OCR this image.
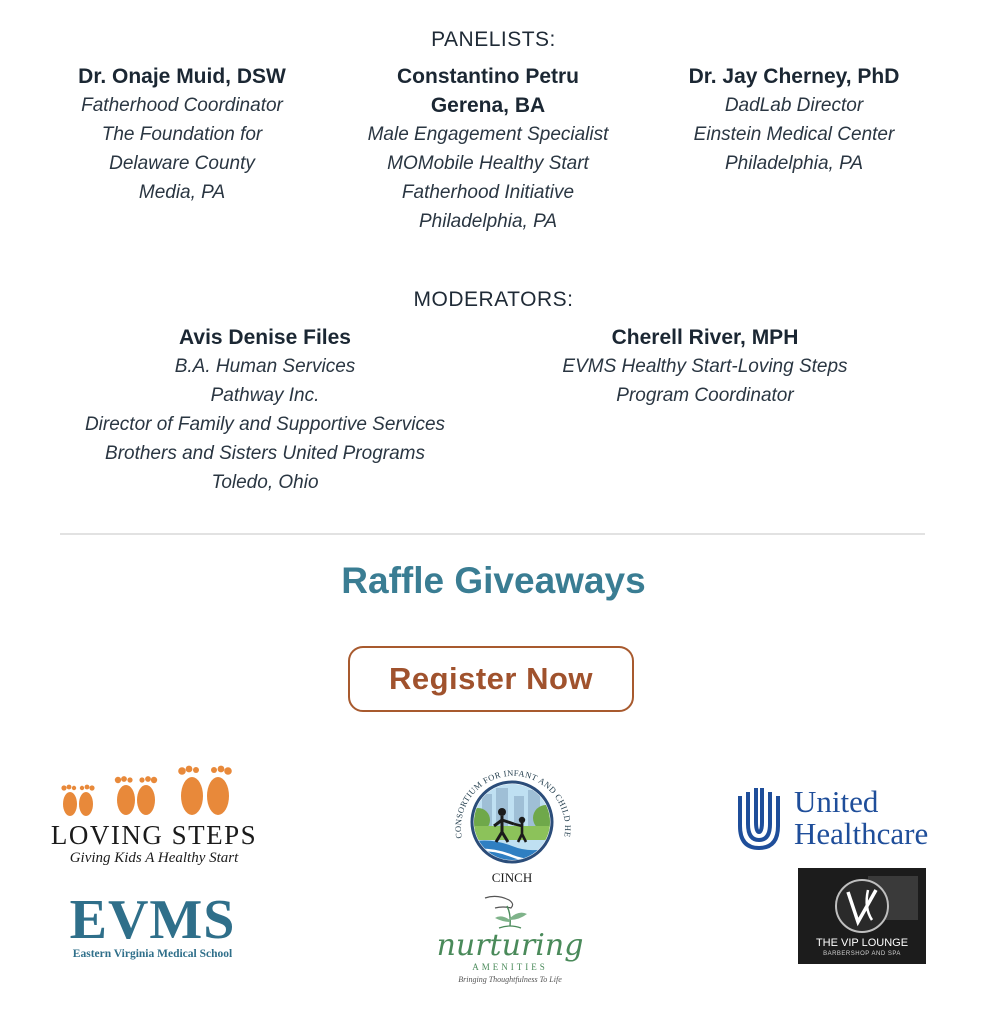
PANELISTS:
Dr. Onaje Muid, DSW
Fatherhood Coordinator
The Foundation for
Delaware County
Media, PA
Constantino Petru
Gerena, BA
Male Engagement Specialist
MOMobile Healthy Start
Fatherhood Initiative
Philadelphia, PA
Dr. Jay Cherney, PhD
DadLab Director
Einstein Medical Center
Philadelphia, PA
MODERATORS:
Avis Denise Files
B.A. Human Services
Pathway Inc.
Director of Family and Supportive Services
Brothers and Sisters United Programs
Toledo, Ohio
Cherell River, MPH
EVMS Healthy Start-Loving Steps
Program Coordinator
Raffle Giveaways
Register Now
LOVING STEPS
Giving Kids A Healthy Start
EVMS
Eastern Virginia Medical School
CONSORTIUM FOR INFANT AND CHILD HE
CINCH
nurturing
AMENITIES
Bringing Thoughtfulness To Life
United
Healthcare
THE VIP LOUNGE
BARBERSHOP AND SPA
